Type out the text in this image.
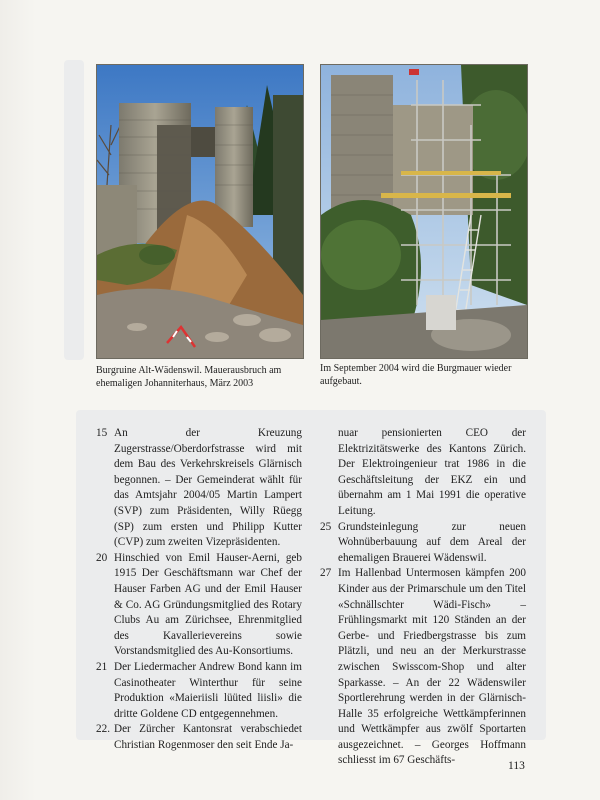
Burgruine Alt-Wädenswil. Mauerausbruch am ehemaligen Johanniterhaus, März 2003
Im September 2004 wird die Burgmauer wieder aufgebaut.
15 An der Kreuzung Zugerstrasse/Oberdorfstrasse wird mit dem Bau des Verkehrskreisels Glärnisch begonnen. – Der Gemeinderat wählt für das Amtsjahr 2004/05 Martin Lampert (SVP) zum Präsidenten, Willy Rüegg (SP) zum ersten und Philipp Kutter (CVP) zum zweiten Vizepräsidenten.
20 Hinschied von Emil Hauser-Aerni, geb 1915 Der Geschäftsmann war Chef der Hauser Farben AG und der Emil Hauser & Co. AG Gründungsmitglied des Rotary Clubs Au am Zürichsee, Ehrenmitglied des Kavallerievereins sowie Vorstandsmitglied des Au-Konsortiums.
21 Der Liedermacher Andrew Bond kann im Casinotheater Winterthur für seine Produktion «Maieriisli lüüted liisli» die dritte Goldene CD entgegennehmen.
22. Der Zürcher Kantonsrat verabschiedet Christian Rogenmoser den seit Ende Ja-
nuar pensionierten CEO der Elektrizitätswerke des Kantons Zürich. Der Elektroingenieur trat 1986 in die Geschäftsleitung der EKZ ein und übernahm am 1 Mai 1991 die operative Leitung.
25 Grundsteinlegung zur neuen Wohnüberbauung auf dem Areal der ehemaligen Brauerei Wädenswil.
27 Im Hallenbad Untermosen kämpfen 200 Kinder aus der Primarschule um den Titel «Schnällschter Wädi-Fisch» – Frühlingsmarkt mit 120 Ständen an der Gerbe- und Friedbergstrasse bis zum Plätzli, und neu an der Merkurstrasse zwischen Swisscom-Shop und alter Sparkasse. – An der 22 Wädenswiler Sportlerehrung werden in der Glärnisch-Halle 35 erfolgreiche Wettkämpferinnen und Wettkämpfer aus zwölf Sportarten ausgezeichnet. – Georges Hoffmann schliesst im 67 Geschäfts-	113
